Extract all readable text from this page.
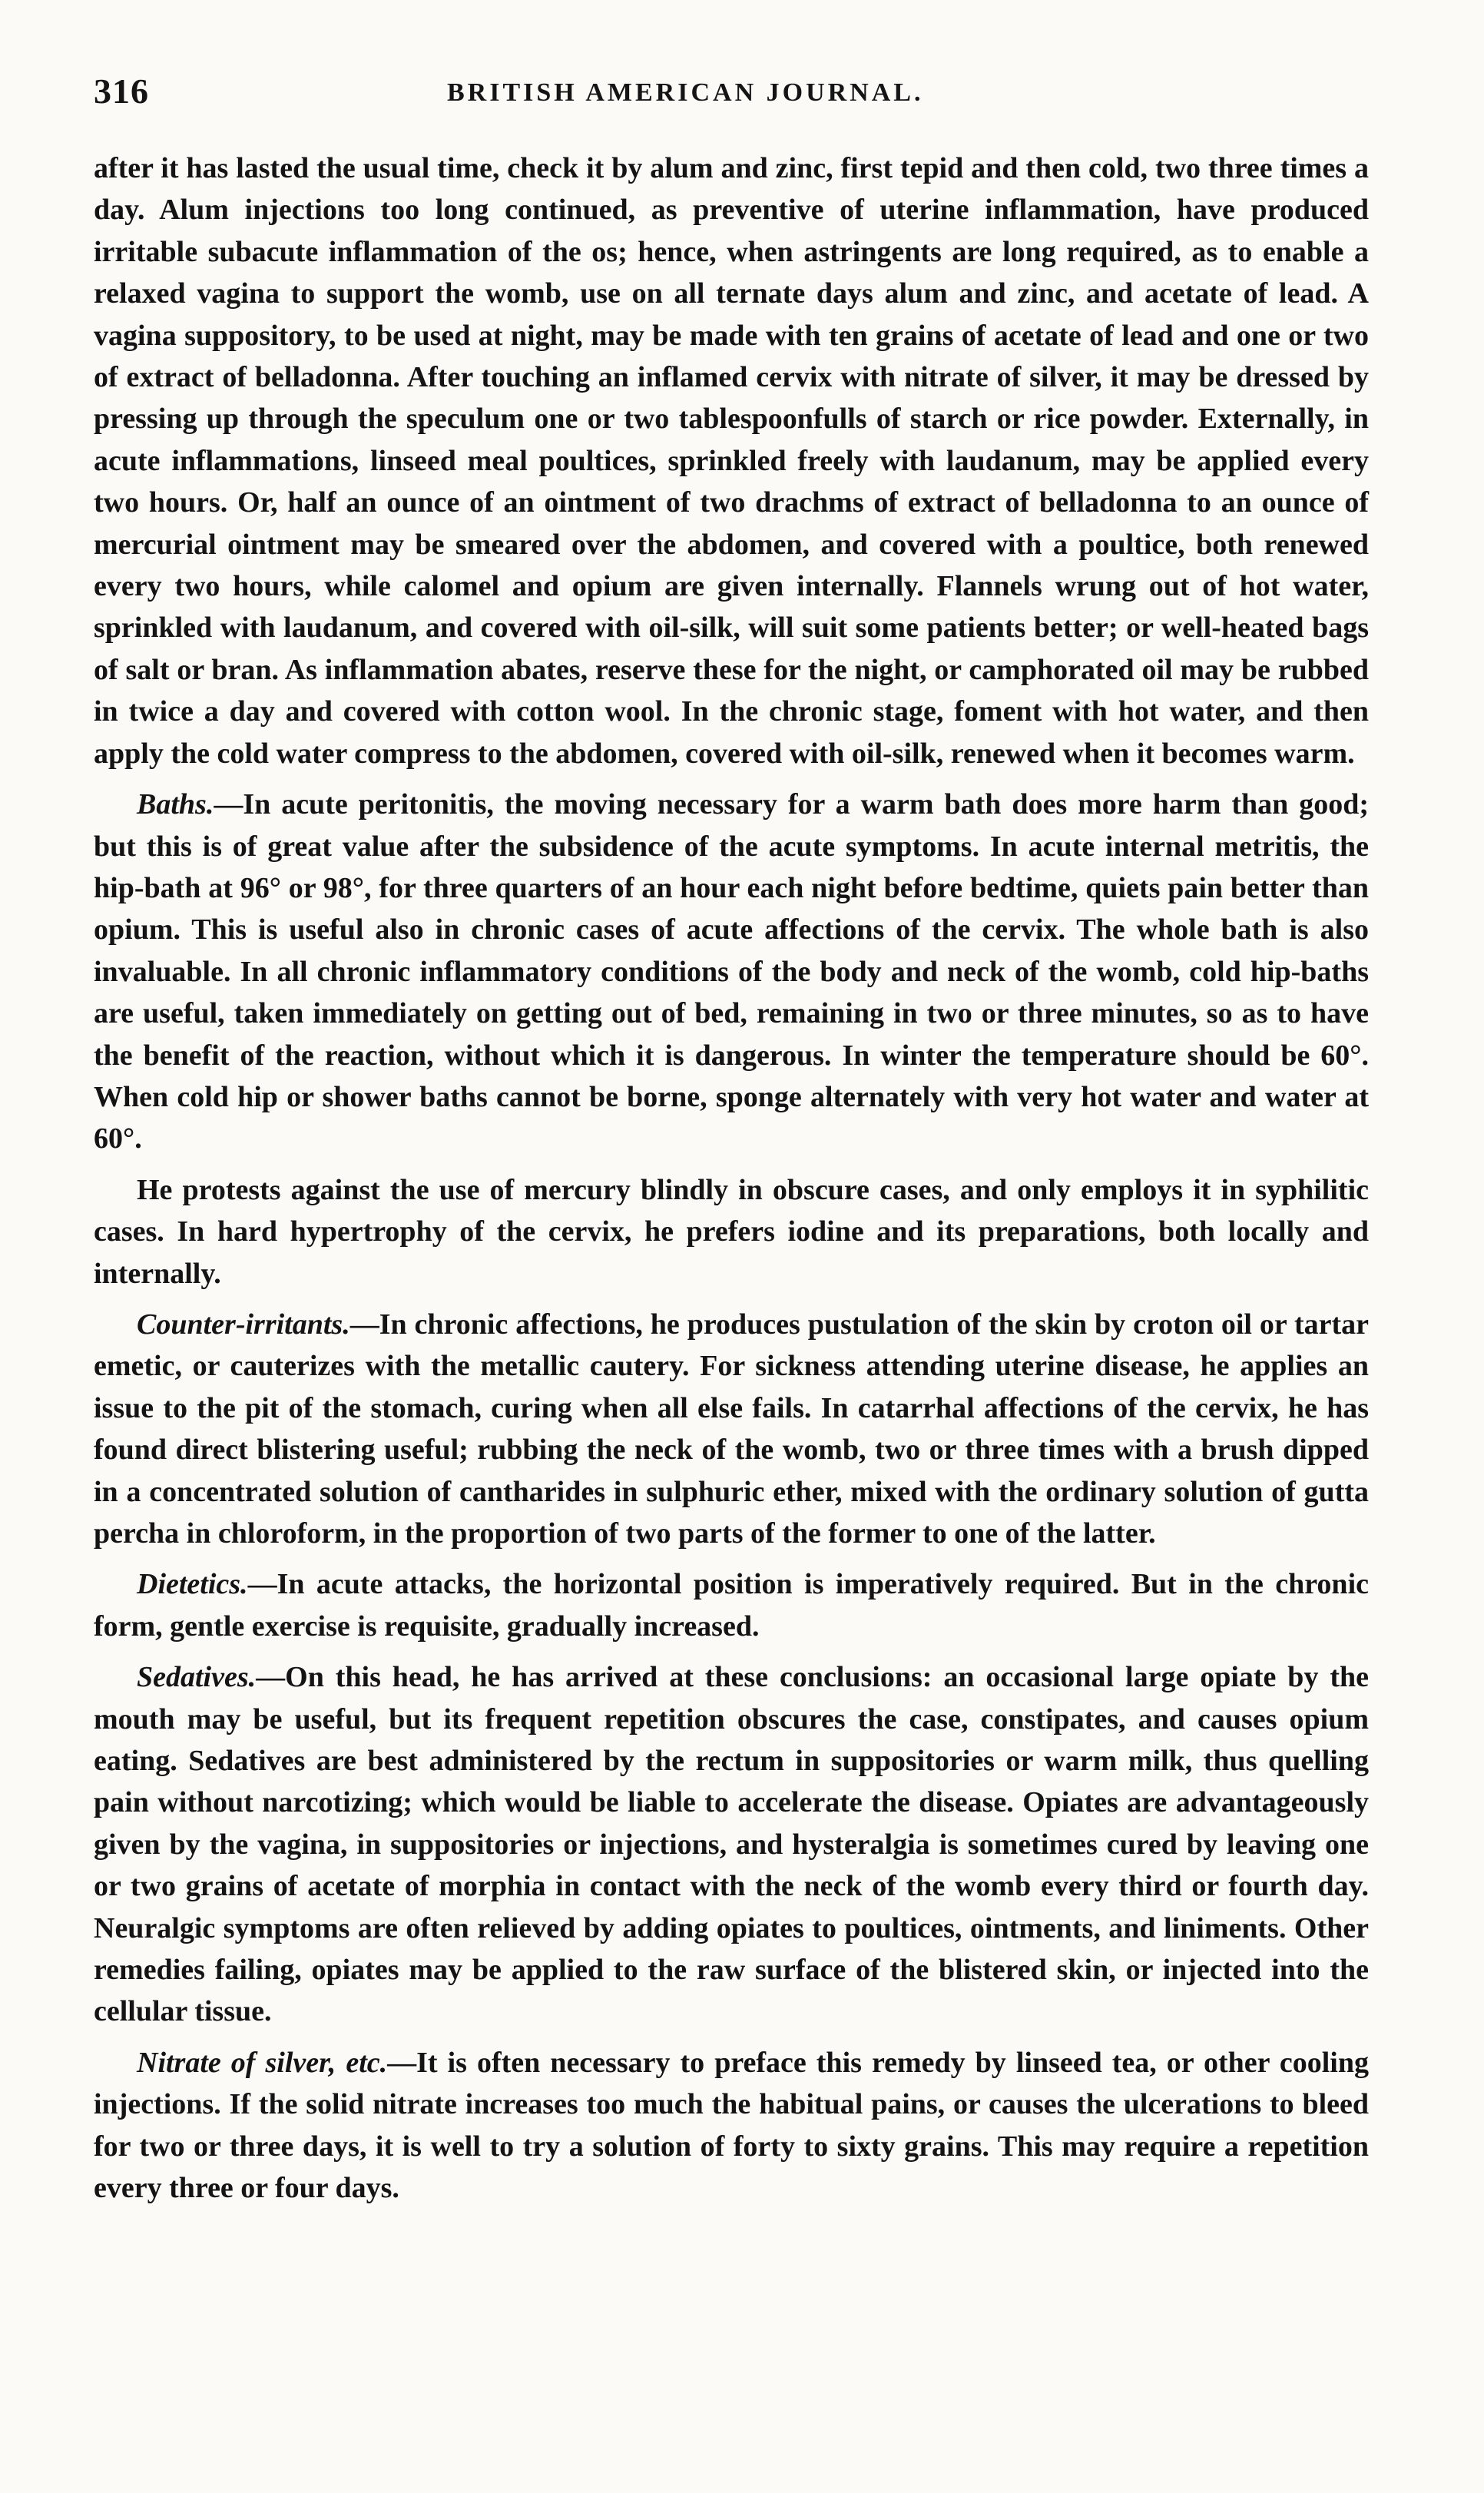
316	BRITISH AMERICAN JOURNAL.

after it has lasted the usual time, check it by alum and zinc, first tepid and then cold, two three times a day. Alum injections too long continued, as preventive of uterine inflammation, have produced irritable subacute inflammation of the os; hence, when astringents are long required, as to enable a relaxed vagina to support the womb, use on all ternate days alum and zinc, and acetate of lead. A vagina suppository, to be used at night, may be made with ten grains of acetate of lead and one or two of extract of belladonna. After touching an inflamed cervix with nitrate of silver, it may be dressed by pressing up through the speculum one or two tablespoonfulls of starch or rice powder. Externally, in acute inflammations, linseed meal poultices, sprinkled freely with laudanum, may be applied every two hours. Or, half an ounce of an ointment of two drachms of extract of belladonna to an ounce of mercurial ointment may be smeared over the abdomen, and covered with a poultice, both renewed every two hours, while calomel and opium are given internally. Flannels wrung out of hot water, sprinkled with laudanum, and covered with oil-silk, will suit some patients better; or well-heated bags of salt or bran. As inflammation abates, reserve these for the night, or camphorated oil may be rubbed in twice a day and covered with cotton wool. In the chronic stage, foment with hot water, and then apply the cold water compress to the abdomen, covered with oil-silk, renewed when it becomes warm.

Baths.—In acute peritonitis, the moving necessary for a warm bath does more harm than good; but this is of great value after the subsidence of the acute symptoms. In acute internal metritis, the hip-bath at 96° or 98°, for three quarters of an hour each night before bedtime, quiets pain better than opium. This is useful also in chronic cases of acute affections of the cervix. The whole bath is also invaluable. In all chronic inflammatory conditions of the body and neck of the womb, cold hip-baths are useful, taken immediately on getting out of bed, remaining in two or three minutes, so as to have the benefit of the reaction, without which it is dangerous. In winter the temperature should be 60°. When cold hip or shower baths cannot be borne, sponge alternately with very hot water and water at 60°.

He protests against the use of mercury blindly in obscure cases, and only employs it in syphilitic cases. In hard hypertrophy of the cervix, he prefers iodine and its preparations, both locally and internally.

Counter-irritants.—In chronic affections, he produces pustulation of the skin by croton oil or tartar emetic, or cauterizes with the metallic cautery. For sickness attending uterine disease, he applies an issue to the pit of the stomach, curing when all else fails. In catarrhal affections of the cervix, he has found direct blistering useful; rubbing the neck of the womb, two or three times with a brush dipped in a concentrated solution of cantharides in sulphuric ether, mixed with the ordinary solution of gutta percha in chloroform, in the proportion of two parts of the former to one of the latter.

Dietetics.—In acute attacks, the horizontal position is imperatively required. But in the chronic form, gentle exercise is requisite, gradually increased.

Sedatives.—On this head, he has arrived at these conclusions: an occasional large opiate by the mouth may be useful, but its frequent repetition obscures the case, constipates, and causes opium eating. Sedatives are best administered by the rectum in suppositories or warm milk, thus quelling pain without narcotizing; which would be liable to accelerate the disease. Opiates are advantageously given by the vagina, in suppositories or injections, and hysteralgia is sometimes cured by leaving one or two grains of acetate of morphia in contact with the neck of the womb every third or fourth day. Neuralgic symptoms are often relieved by adding opiates to poultices, ointments, and liniments. Other remedies failing, opiates may be applied to the raw surface of the blistered skin, or injected into the cellular tissue.

Nitrate of silver, etc.—It is often necessary to preface this remedy by linseed tea, or other cooling injections. If the solid nitrate increases too much the habitual pains, or causes the ulcerations to bleed for two or three days, it is well to try a solution of forty to sixty grains. This may require a repetition every three or four days.
